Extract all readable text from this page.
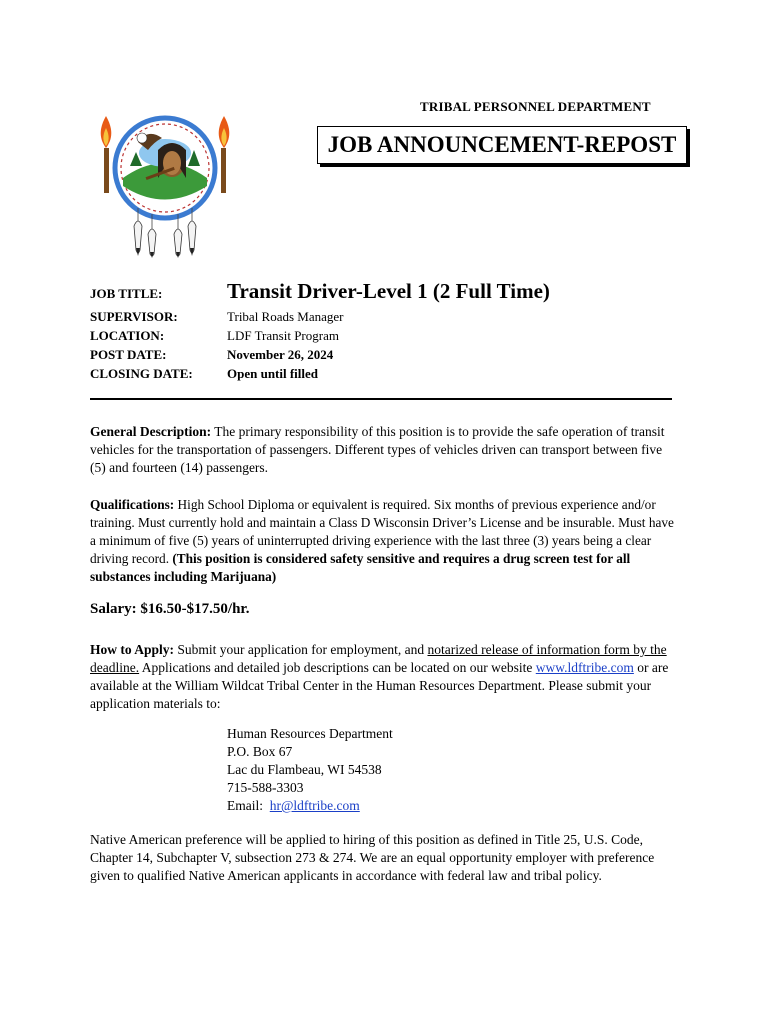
TRIBAL PERSONNEL DEPARTMENT
JOB ANNOUNCEMENT-REPOST
JOB TITLE:	Transit Driver-Level 1 (2 Full Time)
SUPERVISOR:	Tribal Roads Manager
LOCATION:	LDF Transit Program
POST DATE:	November 26, 2024
CLOSING DATE:	Open until filled
General Description: The primary responsibility of this position is to provide the safe operation of transit vehicles for the transportation of passengers. Different types of vehicles driven can transport between five (5) and fourteen (14) passengers.
Qualifications: High School Diploma or equivalent is required. Six months of previous experience and/or training. Must currently hold and maintain a Class D Wisconsin Driver’s License and be insurable. Must have a minimum of five (5) years of uninterrupted driving experience with the last three (3) years being a clear driving record. (This position is considered safety sensitive and requires a drug screen test for all substances including Marijuana)
Salary: $16.50-$17.50/hr.
How to Apply: Submit your application for employment, and notarized release of information form by the deadline. Applications and detailed job descriptions can be located on our website www.ldftribe.com or are available at the William Wildcat Tribal Center in the Human Resources Department. Please submit your application materials to:
Human Resources Department
P.O. Box 67
Lac du Flambeau, WI 54538
715-588-3303
Email:  hr@ldftribe.com
Native American preference will be applied to hiring of this position as defined in Title 25, U.S. Code, Chapter 14, Subchapter V, subsection 273 & 274. We are an equal opportunity employer with preference given to qualified Native American applicants in accordance with federal law and tribal policy.
